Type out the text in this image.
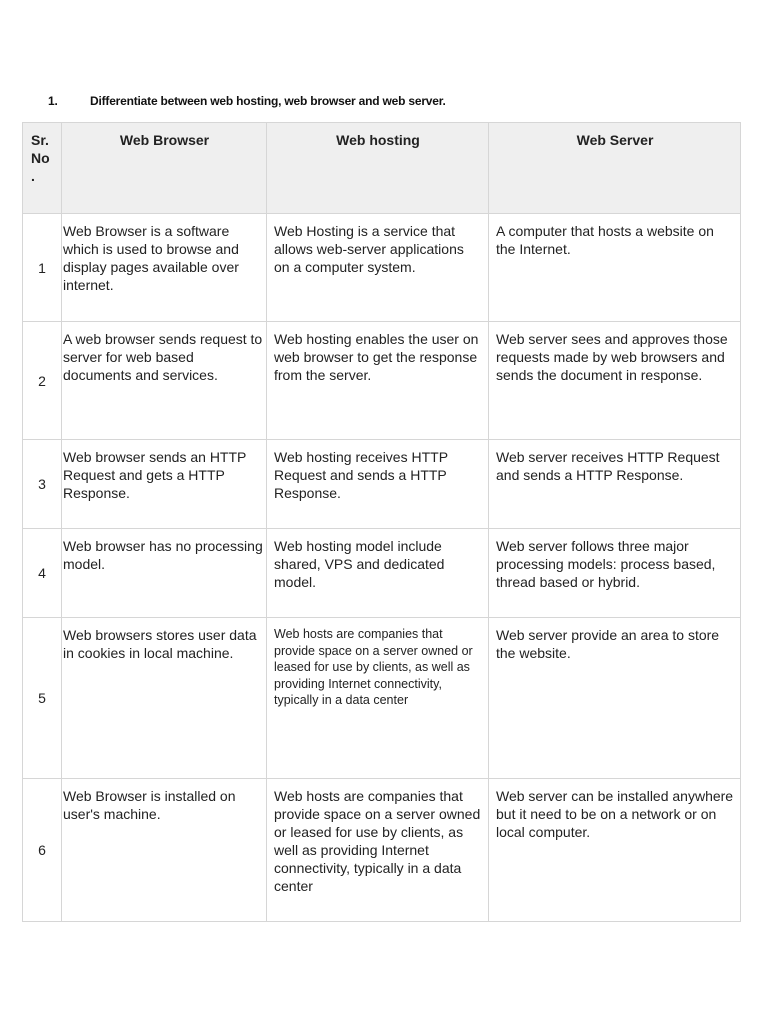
1.	Differentiate between web hosting, web browser and web server.
Sr. No .	Web Browser	Web hosting	Web Server
1	Web Browser is a software which is used to browse and display pages available over internet.	Web Hosting is a service that allows web-server applications on a computer system.	A computer that hosts a website on the Internet.
2	A web browser sends request to server for web based documents and services.	Web hosting enables the user on web browser to get the response from the server.	Web server sees and approves those requests made by web browsers and sends the document in response.
3	Web browser sends an HTTP Request and gets a HTTP Response.	Web hosting receives HTTP Request and sends a HTTP Response.	Web server receives HTTP Request and sends a HTTP Response.
4	Web browser has no processing model.	Web hosting model include shared, VPS and dedicated model.	Web server follows three major processing models: process based, thread based or hybrid.
5	Web browsers stores user data in cookies in local machine.	Web hosts are companies that provide space on a server owned or leased for use by clients, as well as providing Internet connectivity, typically in a data center	Web server provide an area to store the website.
6	Web Browser is installed on user's machine.	Web hosts are companies that provide space on a server owned or leased for use by clients, as well as providing Internet connectivity, typically in a data center	Web server can be installed anywhere but it need to be on a network or on local computer.
